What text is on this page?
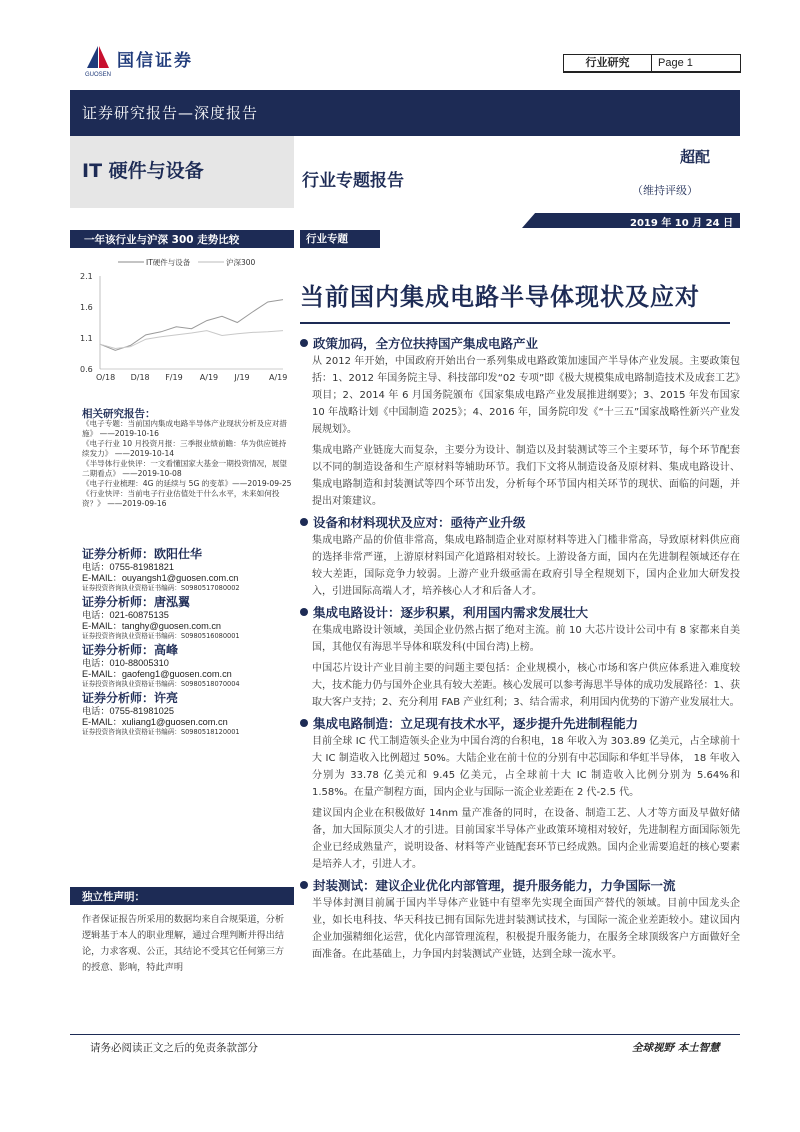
国信证券
GUOSEN
行业研究	Page 1
证券研究报告—深度报告
IT 硬件与设备	行业专题报告
超配
（维持评级）
2019 年 10 月 24 日
一年该行业与沪深 300 走势比较
IT硬件与设备	沪深300
2.1
1.6
1.1
0.6
O/18 D/18 F/19 A/19 J/19 A/19
行业专题
当前国内集成电路半导体现状及应对
相关研究报告：
《电子专题：当前国内集成电路半导体产业现状分析及应对措施》 ——2019-10-16
《电子行业 10 月投资月报：三季报业绩前瞻：华为供应链持续发力》 ——2019-10-14
《半导体行业快评：一文看懂国家大基金一期投资情况，展望二期看点》 ——2019-10-08
《电子行业梳理：4G 的延续与 5G 的变革》——2019-09-25
《行业快评：当前电子行业估值处于什么水平，未来如何投资？》 ——2019-09-16
证券分析师：欧阳仕华
电话：0755-81981821
E-MAIL：ouyangsh1@guosen.com.cn
证券投资咨询执业资格证书编码：S0980517080002
证券分析师：唐泓翼
电话：021-60875135
E-MAIL：tanghy@guosen.com.cn
证券投资咨询执业资格证书编码：S0980516080001
证券分析师：高峰
电话：010-88005310
E-MAIL：gaofeng1@guosen.com.cn
证券投资咨询执业资格证书编码：S0980518070004
证券分析师：许亮
电话：0755-81981025
E-MAIL：xuliang1@guosen.com.cn
证券投资咨询执业资格证书编码：S0980518120001
独立性声明：
作者保证报告所采用的数据均来自合规渠道，分析逻辑基于本人的职业理解，通过合理判断并得出结论，力求客观、公正，其结论不受其它任何第三方的授意、影响，特此声明
政策加码，全方位扶持国产集成电路产业
从 2012 年开始，中国政府开始出台一系列集成电路政策加速国产半导体产业发展。主要政策包括：1、2012 年国务院主导、科技部印发“02 专项”即《极大规模集成电路制造技术及成套工艺》项目；2、2014 年 6 月国务院颁布《国家集成电路产业发展推进纲要》；3、2015 年发布国家 10 年战略计划《中国制造 2025》；4、2016 年，国务院印发《“十三五”国家战略性新兴产业发展规划》。
集成电路产业链庞大而复杂，主要分为设计、制造以及封装测试等三个主要环节，每个环节配套以不同的制造设备和生产原材料等辅助环节。我们下文将从制造设备及原材料、集成电路设计、集成电路制造和封装测试等四个环节出发，分析每个环节国内相关环节的现状、面临的问题，并提出对策建议。
设备和材料现状及应对：亟待产业升级
集成电路产品的价值非常高，集成电路制造企业对原材料等进入门槛非常高，导致原材料供应商的选择非常严谨，上游原材料国产化道路相对较长。上游设备方面，国内在先进制程领域还存在较大差距，国际竞争力较弱。上游产业升级亟需在政府引导全程规划下，国内企业加大研发投入，引进国际高端人才，培养核心人才和后备人才。
集成电路设计：逐步积累，利用国内需求发展壮大
在集成电路设计领域，美国企业仍然占据了绝对主流。前 10 大芯片设计公司中有 8 家都来自美国，其他仅有海思半导体和联发科(中国台湾)上榜。
中国芯片设计产业目前主要的问题主要包括：企业规模小，核心市场和客户供应体系进入难度较大，技术能力仍与国外企业具有较大差距。核心发展可以参考海思半导体的成功发展路径：1、获取大客户支持；2、充分利用 FAB 产业红利；3、结合需求，利用国内优势的下游产业发展壮大。
集成电路制造：立足现有技术水平，逐步提升先进制程能力
目前全球 IC 代工制造领头企业为中国台湾的台积电，18 年收入为 303.89 亿美元，占全球前十大 IC 制造收入比例超过 50%。大陆企业在前十位的分别有中芯国际和华虹半导体， 18 年收入分别为 33.78 亿美元和 9.45 亿美元，占全球前十大 IC 制造收入比例分别为 5.64%和 1.58%。在量产制程方面，国内企业与国际一流企业差距在 2 代-2.5 代。
建议国内企业在积极做好 14nm 量产准备的同时，在设备、制造工艺、人才等方面及早做好储备，加大国际顶尖人才的引进。目前国家半导体产业政策环境相对较好，先进制程方面国际领先企业已经成熟量产，说明设备、材料等产业链配套环节已经成熟。国内企业需要追赶的核心要素是培养人才，引进人才。
封装测试：建议企业优化内部管理，提升服务能力，力争国际一流
半导体封测目前属于国内半导体产业链中有望率先实现全面国产替代的领域。目前中国龙头企业，如长电科技、华天科技已拥有国际先进封装测试技术，与国际一流企业差距较小。建议国内企业加强精细化运营，优化内部管理流程，积极提升服务能力，在服务全球顶级客户方面做好全面准备。在此基础上，力争国内封装测试产业链，达到全球一流水平。
请务必阅读正文之后的免责条款部分	全球视野 本土智慧
